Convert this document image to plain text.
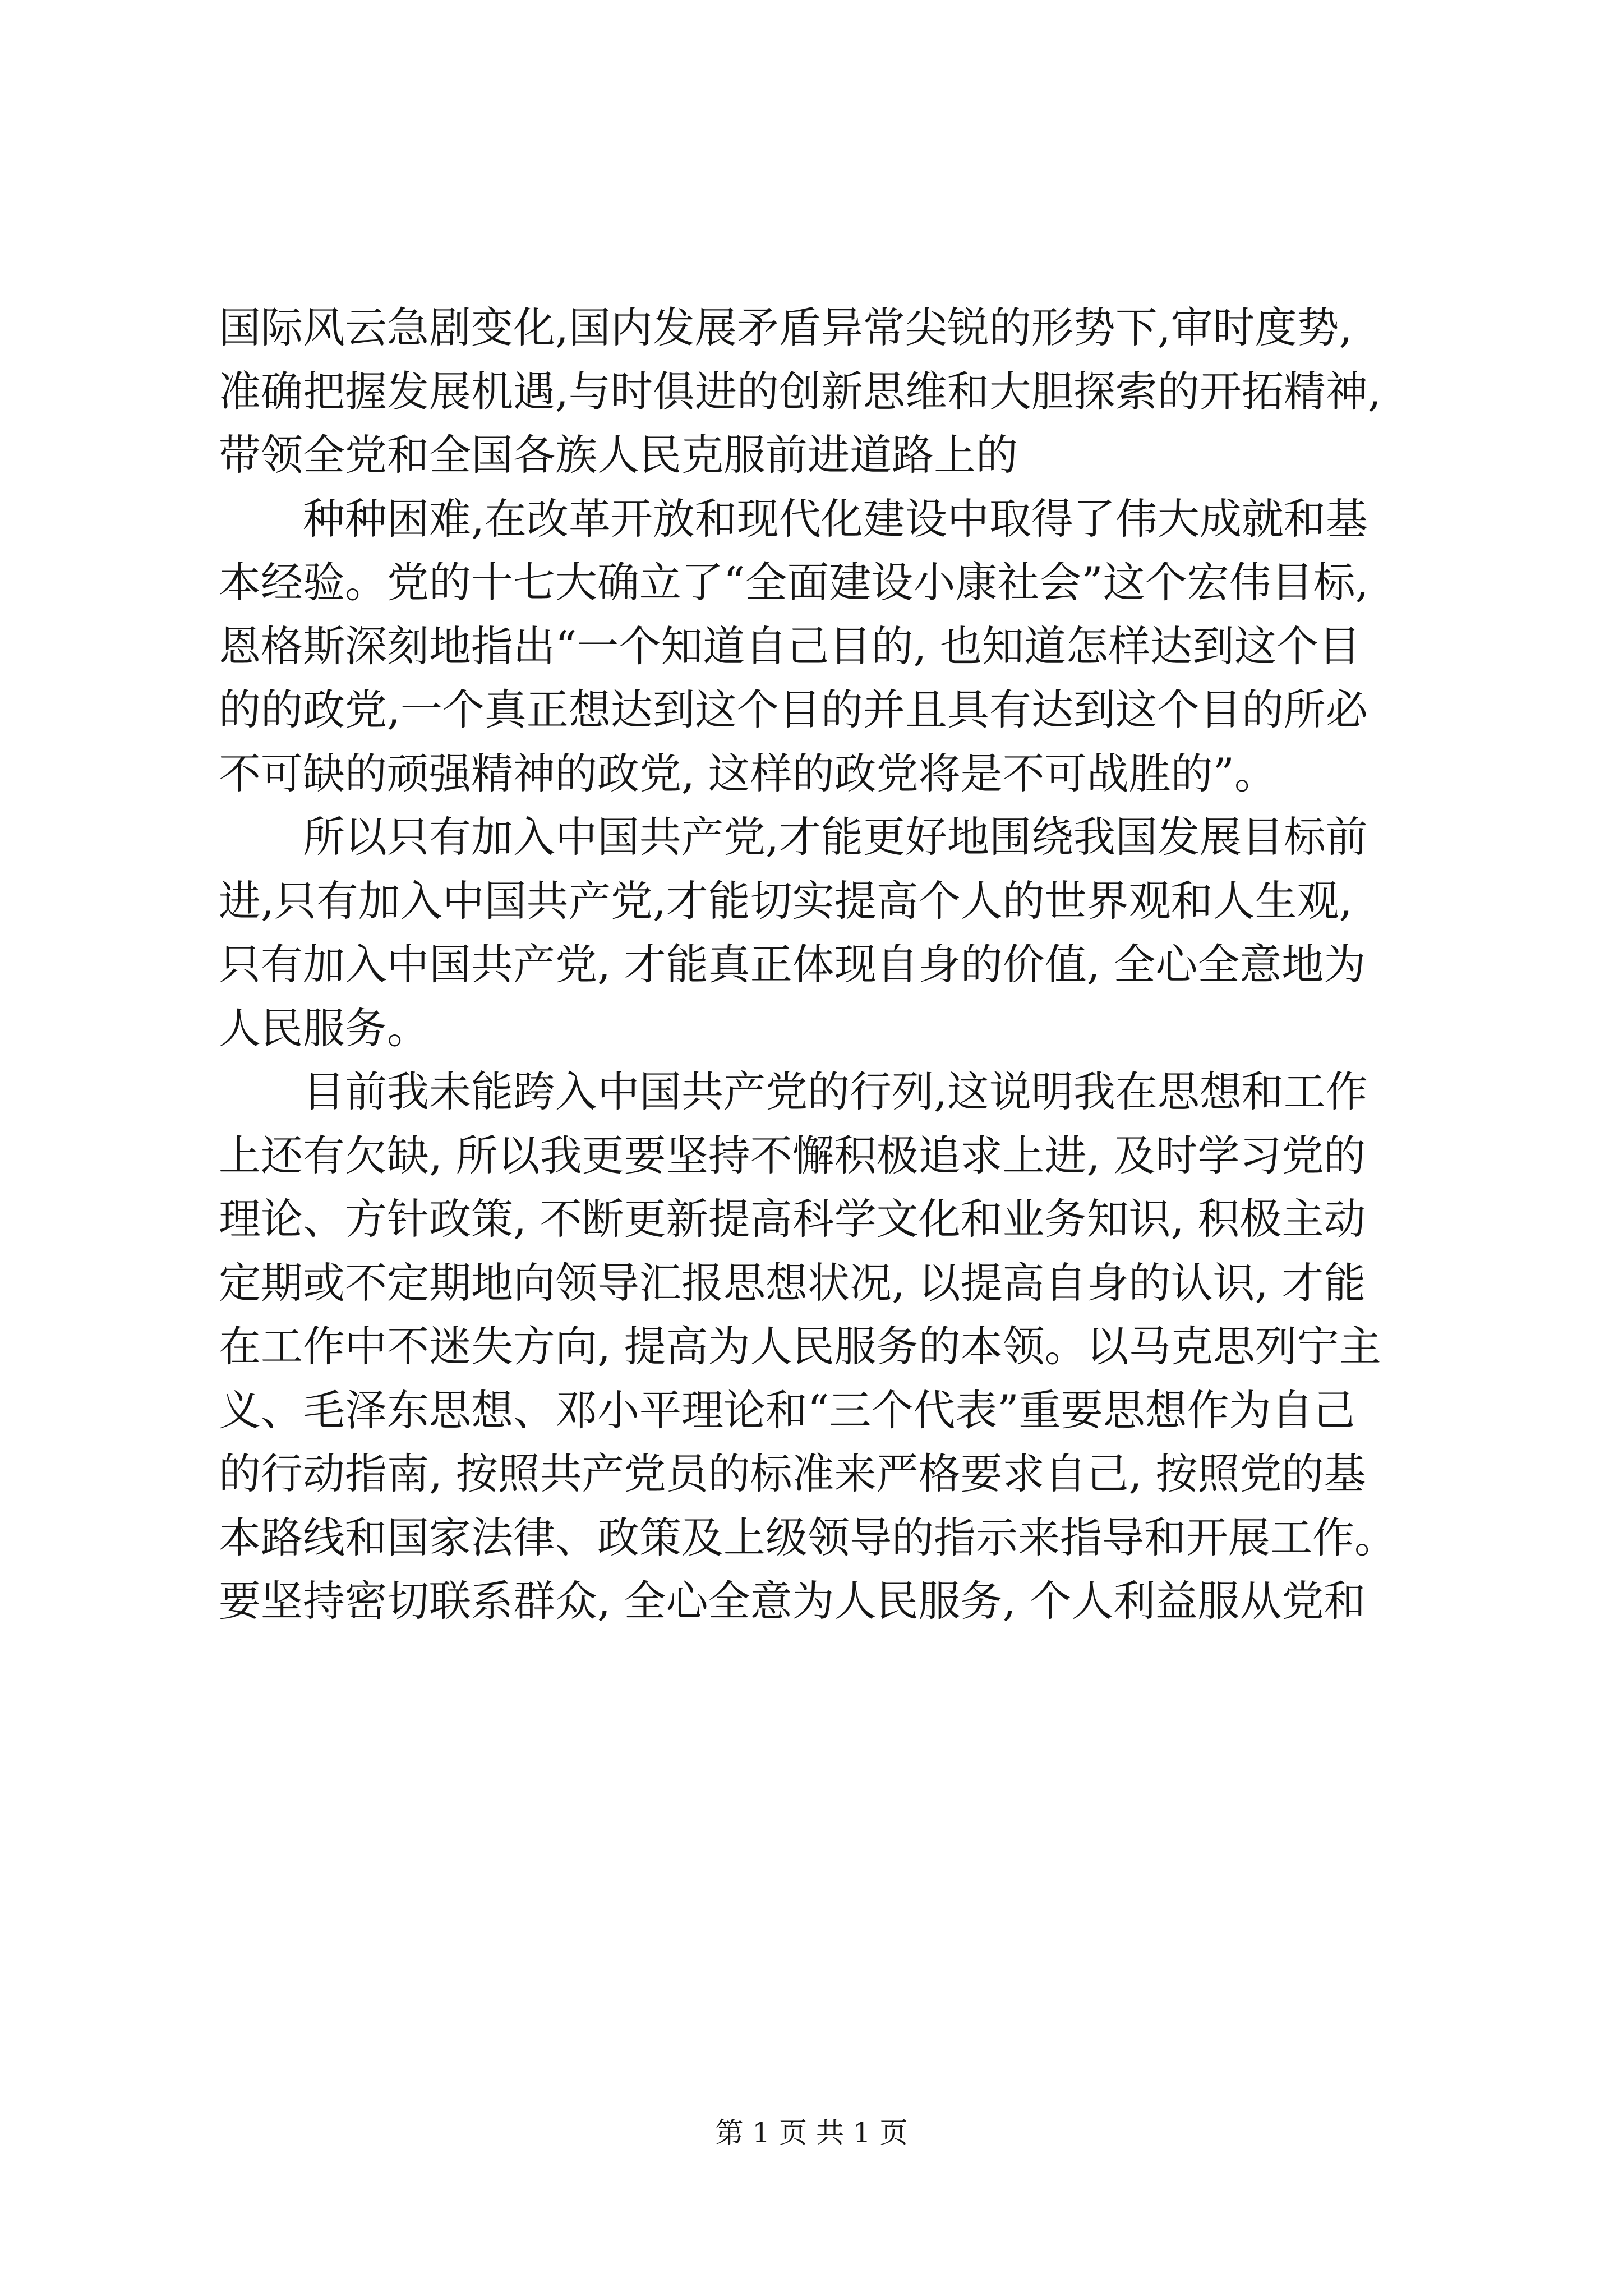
国际风云急剧变化,国内发展矛盾异常尖锐的形势下,审时度势,
准确把握发展机遇,与时俱进的创新思维和大胆探索的开拓精神,
带领全党和全国各族人民克服前进道路上的
　　种种困难,在改革开放和现代化建设中取得了伟大成就和基
本经验。党的十七大确立了“全面建设小康社会”这个宏伟目标,
恩格斯深刻地指出“一个知道自己目的, 也知道怎样达到这个目
的的政党,一个真正想达到这个目的并且具有达到这个目的所必
不可缺的顽强精神的政党, 这样的政党将是不可战胜的”。
　　所以只有加入中国共产党,才能更好地围绕我国发展目标前
进,只有加入中国共产党,才能切实提高个人的世界观和人生观,
只有加入中国共产党, 才能真正体现自身的价值, 全心全意地为
人民服务。
　　目前我未能跨入中国共产党的行列,这说明我在思想和工作
上还有欠缺, 所以我更要坚持不懈积极追求上进, 及时学习党的
理论、方针政策, 不断更新提高科学文化和业务知识, 积极主动
定期或不定期地向领导汇报思想状况, 以提高自身的认识, 才能
在工作中不迷失方向, 提高为人民服务的本领。以马克思列宁主
义、毛泽东思想、邓小平理论和“三个代表”重要思想作为自己
的行动指南, 按照共产党员的标准来严格要求自己, 按照党的基
本路线和国家法律、政策及上级领导的指示来指导和开展工作。
要坚持密切联系群众, 全心全意为人民服务, 个人利益服从党和
第 1 页 共 1 页
